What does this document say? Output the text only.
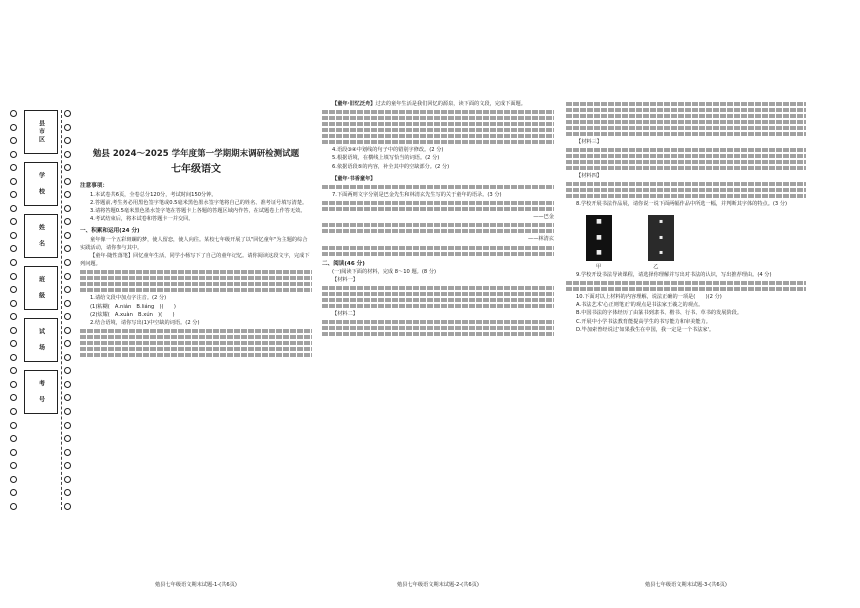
县市区
学　校
姓　名
班　级
试　场
考　号
勉县 2024～2025 学年度第一学期期末调研检测试题
七年级语文
注意事项：

1.本试卷共6页，全卷总分120分，考试时间150分钟。

2.答题前,考生务必用黑色签字笔或0.5毫米黑色墨水签字笔将自己的姓名、准考证号填写清楚。

3.请将答题0.5毫米黑色墨水签字笔在答题卡上各题的答题区域内作答，在试题卷上作答无效。

4.考试结束后，将本试卷和答题卡一并交回。

一、积累和运用(24 分)

童年像一个五彩斑斓的梦，使人留恋，使人向往。某校七年级开展了以"回忆童年"为主题的综合实践活动，请你参与其中。

【童年·随性落笔】回忆童年生活，同学小杨写下了自己的童年记忆。请你阅读这段文字，完成下列问题。

1.请给文段中加点字注音。(2 分)

(1)粘糊(　A.nián　B.liáng　)(　　)

(2)炫耀(　A.xuàn　B.xún　)(　　)

2.结合语境，请你写出(1)中空缺的词语。(2 分)

勉县七年级语文期末试题-1-(共6页)

【童年·旧忆泛舟】过去的童年生活是我们回忆的源泉，读下面的文段，完成下面题。

4.语段③④中划线的句子中的错别字修改。(2 分)

5.根据语境，在横线上填写恰当的词语。(2 分)

6.依据语段⑤的内容，补全其中的空缺部分。(2 分)

【童年·书香童年】

7.下面两则文字分别是巴金先生和林清玄先生写的关于童年的语录。(3 分)

——巴金

——林清玄

二、阅读(46 分)

(一)阅读下面的材料，完成 8～10 题。(8 分)

【材料一】

【材料二】

勉县七年级语文期末试题-2-(共6页)

【材料三】

【材料四】

8.学校开展书法作品展，请你说一说下面两幅作品中所选一幅，并判断其字体的特点。(3 分)

■
■
■
▪
▪
▪
甲	乙

9.学校开设书法导读课程，请选择你理解并写出对书法的认识，写出推荐理由。(4 分)

10.下面对以上材料的内容理解，说法正确的一项是(　　)(2 分)

A.书法艺术'心正则笔正'的观点是书法家王羲之的观点。

B.中国书法的字体经历了由篆书到隶书、楷书、行书、草书的发展阶段。

C.开展中小学书法教育能提高学生的书写能力和审美能力。

D.毕加索曾经说过'如果我生在中国，我一定是一个书法家'。

勉县七年级语文期末试题-3-(共6页)
